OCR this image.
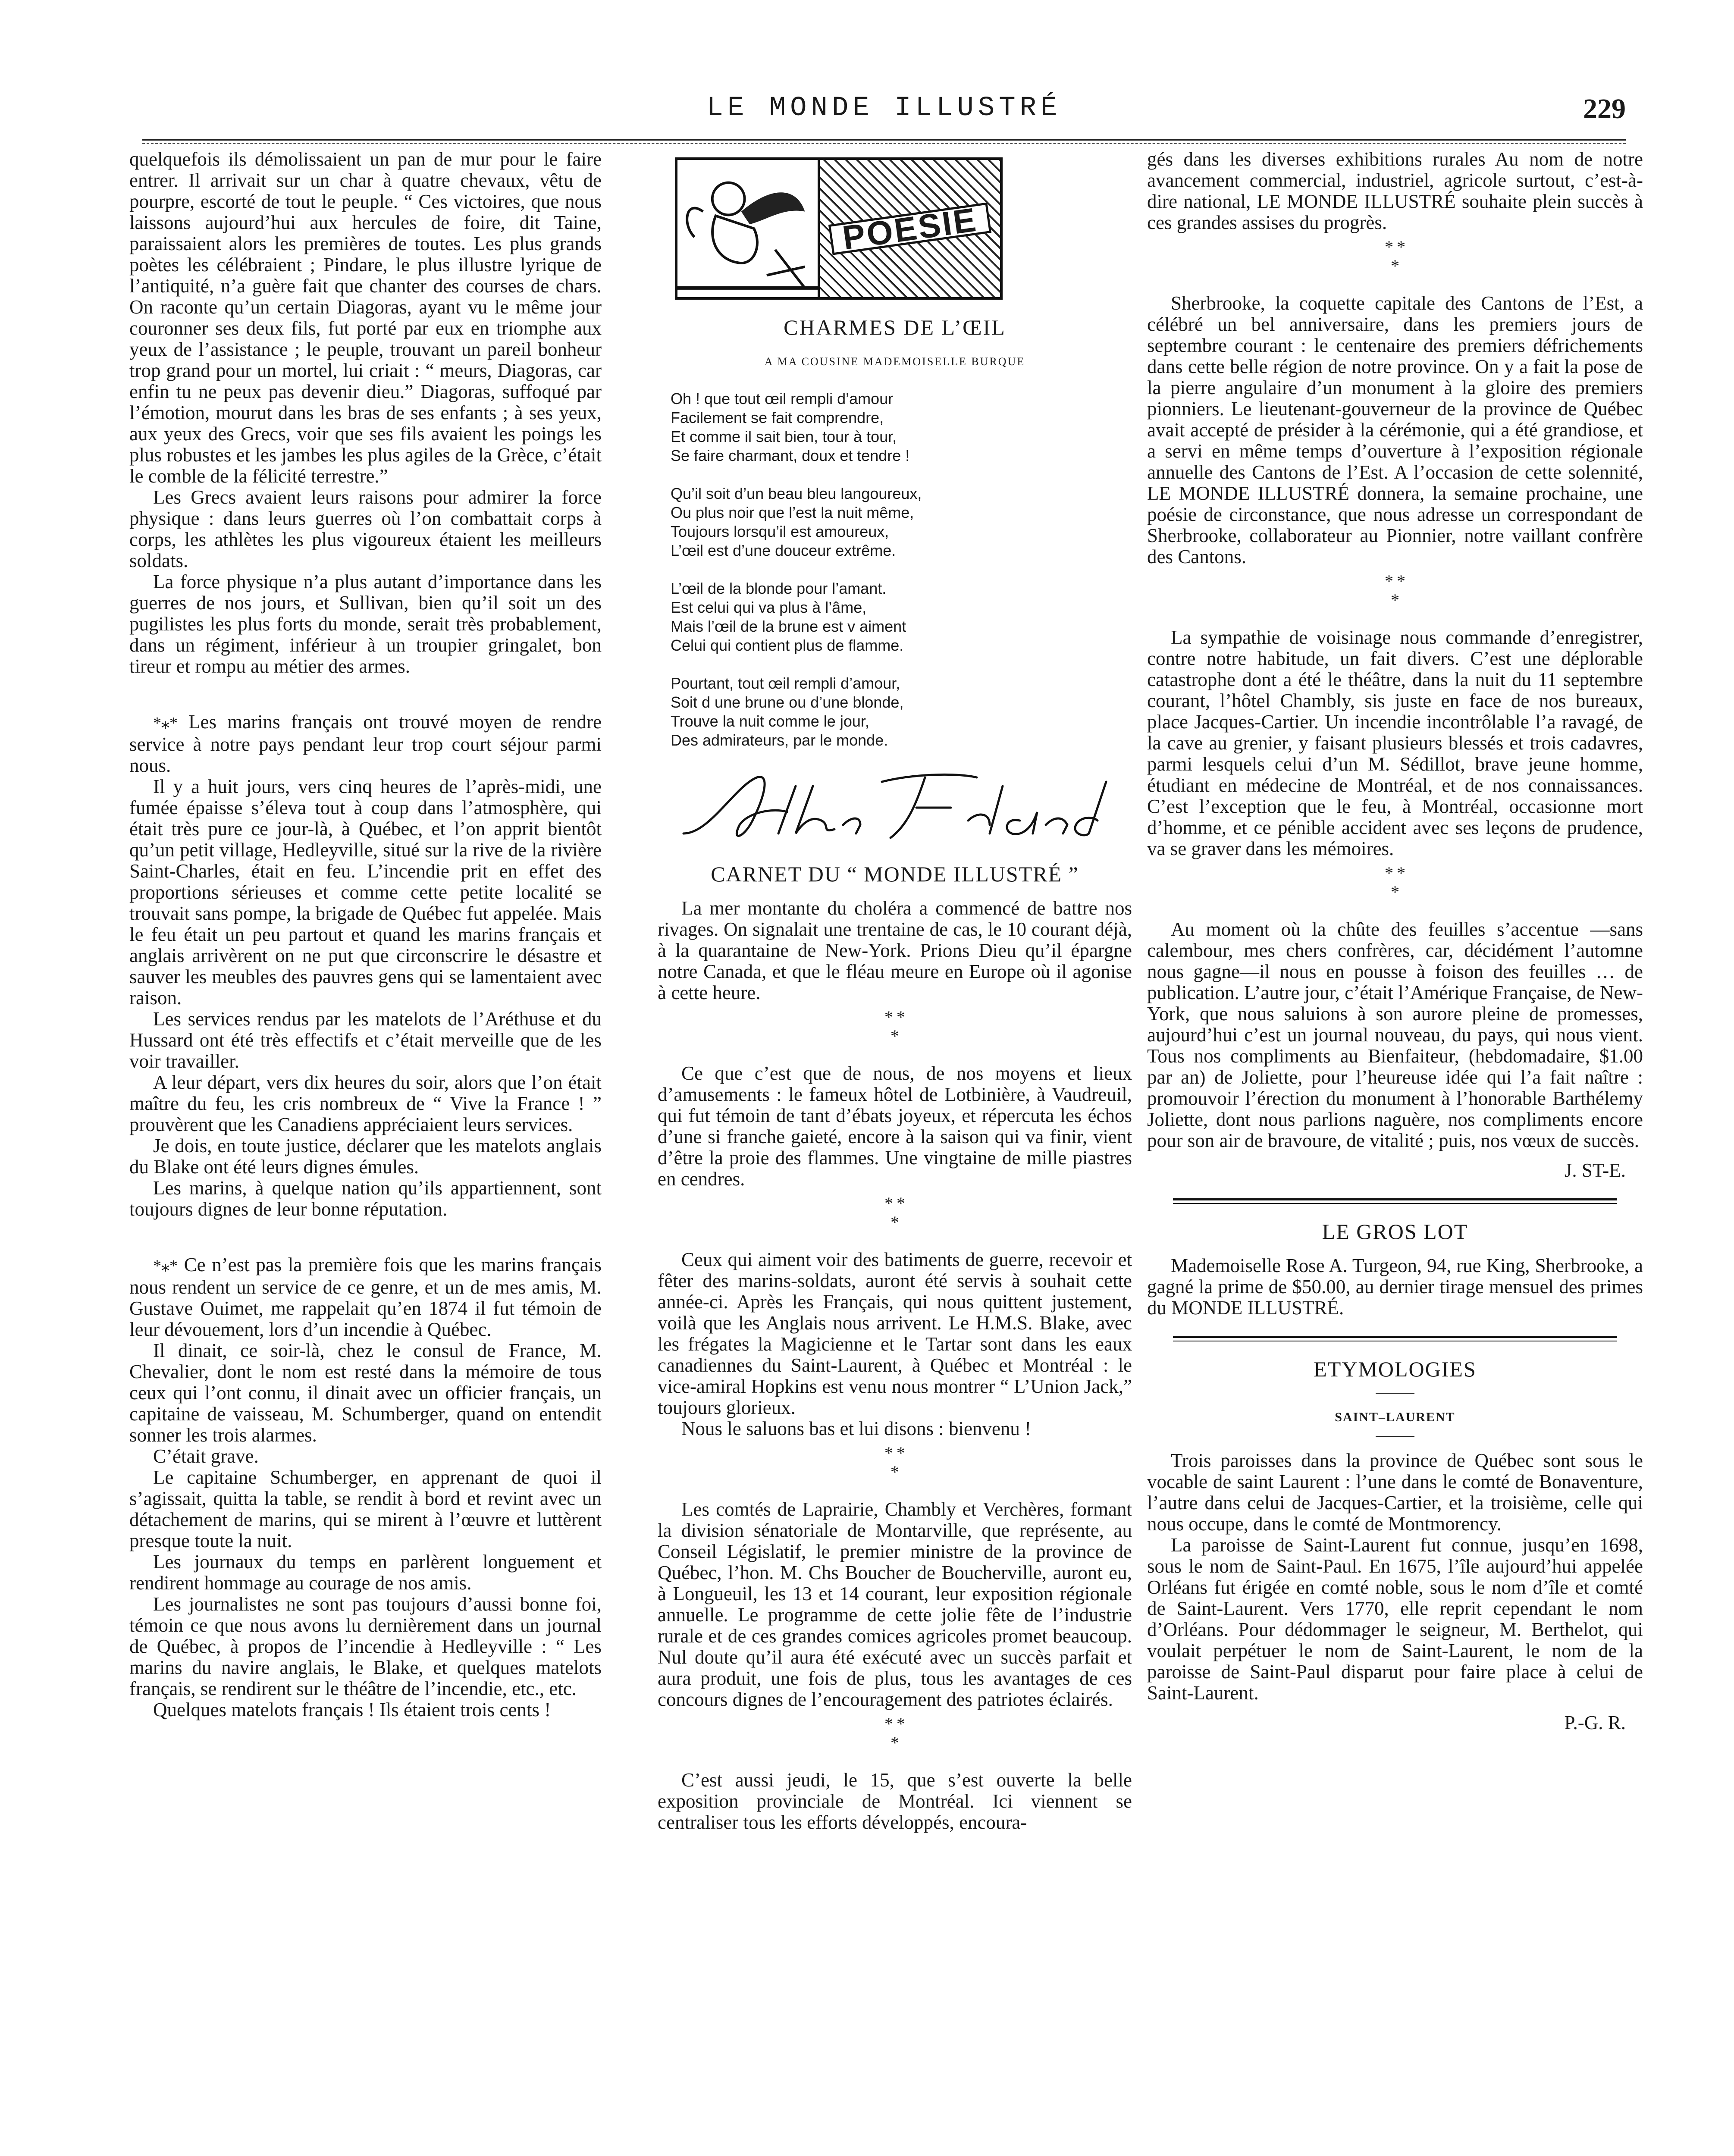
LE MONDE ILLUSTRÉ	229

quelquefois ils démolissaient un pan de mur pour le faire entrer. Il arrivait sur un char à quatre chevaux, vêtu de pourpre, escorté de tout le peuple. “ Ces victoires, que nous laissons aujourd’hui aux hercules de foire, dit Taine, paraissaient alors les premières de toutes. Les plus grands poètes les célébraient ; Pindare, le plus illustre lyrique de l’antiquité, n’a guère fait que chanter des courses de chars. On raconte qu’un certain Diagoras, ayant vu le même jour couronner ses deux fils, fut porté par eux en triomphe aux yeux de l’assistance ; le peuple, trouvant un pareil bonheur trop grand pour un mortel, lui criait : “ meurs, Diagoras, car enfin tu ne peux pas devenir dieu.” Diagoras, suffoqué par l’émotion, mourut dans les bras de ses enfants ; à ses yeux, aux yeux des Grecs, voir que ses fils avaient les poings les plus robustes et les jambes les plus agiles de la Grèce, c’était le comble de la félicité terrestre.”

Les Grecs avaient leurs raisons pour admirer la force physique : dans leurs guerres où l’on combattait corps à corps, les athlètes les plus vigoureux étaient les meilleurs soldats.

La force physique n’a plus autant d’importance dans les guerres de nos jours, et Sullivan, bien qu’il soit un des pugilistes les plus forts du monde, serait très probablement, dans un régiment, inférieur à un troupier gringalet, bon tireur et rompu au métier des armes.

*⁎* Les marins français ont trouvé moyen de rendre service à notre pays pendant leur trop court séjour parmi nous.

Il y a huit jours, vers cinq heures de l’après-midi, une fumée épaisse s’éleva tout à coup dans l’atmosphère, qui était très pure ce jour-là, à Québec, et l’on apprit bientôt qu’un petit village, Hedleyville, situé sur la rive de la rivière Saint-Charles, était en feu. L’incendie prit en effet des proportions sérieuses et comme cette petite localité se trouvait sans pompe, la brigade de Québec fut appelée. Mais le feu était un peu partout et quand les marins français et anglais arrivèrent on ne put que circonscrire le désastre et sauver les meubles des pauvres gens qui se lamentaient avec raison.

Les services rendus par les matelots de l’Aréthuse et du Hussard ont été très effectifs et c’était merveille que de les voir travailler.

A leur départ, vers dix heures du soir, alors que l’on était maître du feu, les cris nombreux de “ Vive la France ! ” prouvèrent que les Canadiens appréciaient leurs services.

Je dois, en toute justice, déclarer que les matelots anglais du Blake ont été leurs dignes émules.

Les marins, à quelque nation qu’ils appartiennent, sont toujours dignes de leur bonne réputation.

*⁎* Ce n’est pas la première fois que les marins français nous rendent un service de ce genre, et un de mes amis, M. Gustave Ouimet, me rappelait qu’en 1874 il fut témoin de leur dévouement, lors d’un incendie à Québec.

Il dinait, ce soir-là, chez le consul de France, M. Chevalier, dont le nom est resté dans la mémoire de tous ceux qui l’ont connu, il dinait avec un officier français, un capitaine de vaisseau, M. Schumberger, quand on entendit sonner les trois alarmes.

C’était grave.

Le capitaine Schumberger, en apprenant de quoi il s’agissait, quitta la table, se rendit à bord et revint avec un détachement de marins, qui se mirent à l’œuvre et luttèrent presque toute la nuit.

Les journaux du temps en parlèrent longuement et rendirent hommage au courage de nos amis.

Les journalistes ne sont pas toujours d’aussi bonne foi, témoin ce que nous avons lu dernièrement dans un journal de Québec, à propos de l’incendie à Hedleyville : “ Les marins du navire anglais, le Blake, et quelques matelots français, se rendirent sur le théâtre de l’incendie, etc., etc.

Quelques matelots français ! Ils étaient trois cents !

POESIE
CHARMES DE L’ŒIL
A MA COUSINE MADEMOISELLE BURQUE
Oh ! que tout œil rempli d’amour
Facilement se fait comprendre,
Et comme il sait bien, tour à tour,
Se faire charmant, doux et tendre !
Qu’il soit d’un beau bleu langoureux,
Ou plus noir que l’est la nuit même,
Toujours lorsqu’il est amoureux,
L’œil est d’une douceur extrême.
L’œil de la blonde pour l’amant.
Est celui qui va plus à l’âme,
Mais l’œil de la brune est v aiment
Celui qui contient plus de flamme.
Pourtant, tout œil rempli d’amour,
Soit d une brune ou d’une blonde,
Trouve la nuit comme le jour,
Des admirateurs, par le monde.
CARNET DU “ MONDE ILLUSTRÉ ”

La mer montante du choléra a commencé de battre nos rivages. On signalait une trentaine de cas, le 10 courant déjà, à la quarantaine de New-York. Prions Dieu qu’il épargne notre Canada, et que le fléau meure en Europe où il agonise à cette heure.

* *
*

Ce que c’est que de nous, de nos moyens et lieux d’amusements : le fameux hôtel de Lotbinière, à Vaudreuil, qui fut témoin de tant d’ébats joyeux, et répercuta les échos d’une si franche gaieté, encore à la saison qui va finir, vient d’être la proie des flammes. Une vingtaine de mille piastres en cendres.

* *
*

Ceux qui aiment voir des batiments de guerre, recevoir et fêter des marins-soldats, auront été servis à souhait cette année-ci. Après les Français, qui nous quittent justement, voilà que les Anglais nous arrivent. Le H.M.S. Blake, avec les frégates la Magicienne et le Tartar sont dans les eaux canadiennes du Saint-Laurent, à Québec et Montréal : le vice-amiral Hopkins est venu nous montrer “ L’Union Jack,” toujours glorieux.

Nous le saluons bas et lui disons : bienvenu !

* *
*

Les comtés de Laprairie, Chambly et Verchères, formant la division sénatoriale de Montarville, que représente, au Conseil Législatif, le premier ministre de la province de Québec, l’hon. M. Chs Boucher de Boucherville, auront eu, à Longueuil, les 13 et 14 courant, leur exposition régionale annuelle. Le programme de cette jolie fête de l’industrie rurale et de ces grandes comices agricoles promet beaucoup. Nul doute qu’il aura été exécuté avec un succès parfait et aura produit, une fois de plus, tous les avantages de ces concours dignes de l’encouragement des patriotes éclairés.

* *
*

C’est aussi jeudi, le 15, que s’est ouverte la belle exposition provinciale de Montréal. Ici viennent se centraliser tous les efforts développés, encoura-

gés dans les diverses exhibitions rurales Au nom de notre avancement commercial, industriel, agricole surtout, c’est-à-dire national, LE MONDE ILLUSTRÉ souhaite plein succès à ces grandes assises du progrès.

* *
*

Sherbrooke, la coquette capitale des Cantons de l’Est, a célébré un bel anniversaire, dans les premiers jours de septembre courant : le centenaire des premiers défrichements dans cette belle région de notre province. On y a fait la pose de la pierre angulaire d’un monument à la gloire des premiers pionniers. Le lieutenant-gouverneur de la province de Québec avait accepté de présider à la cérémonie, qui a été grandiose, et a servi en même temps d’ouverture à l’exposition régionale annuelle des Cantons de l’Est. A l’occasion de cette solennité, LE MONDE ILLUSTRÉ donnera, la semaine prochaine, une poésie de circonstance, que nous adresse un correspondant de Sherbrooke, collaborateur au Pionnier, notre vaillant confrère des Cantons.

* *
*

La sympathie de voisinage nous commande d’enregistrer, contre notre habitude, un fait divers. C’est une déplorable catastrophe dont a été le théâtre, dans la nuit du 11 septembre courant, l’hôtel Chambly, sis juste en face de nos bureaux, place Jacques-Cartier. Un incendie incontrôlable l’a ravagé, de la cave au grenier, y faisant plusieurs blessés et trois cadavres, parmi lesquels celui d’un M. Sédillot, brave jeune homme, étudiant en médecine de Montréal, et de nos connaissances. C’est l’exception que le feu, à Montréal, occasionne mort d’homme, et ce pénible accident avec ses leçons de prudence, va se graver dans les mémoires.

* *
*

Au moment où la chûte des feuilles s’accentue —sans calembour, mes chers confrères, car, décidément l’automne nous gagne—il nous en pousse à foison des feuilles … de publication. L’autre jour, c’était l’Amérique Française, de New-York, que nous saluions à son aurore pleine de promesses, aujourd’hui c’est un journal nouveau, du pays, qui nous vient. Tous nos compliments au Bienfaiteur, (hebdomadaire, $1.00 par an) de Joliette, pour l’heureuse idée qui l’a fait naître : promouvoir l’érection du monument à l’honorable Barthélemy Joliette, dont nous parlions naguère, nos compliments encore pour son air de bravoure, de vitalité ; puis, nos vœux de succès.

J. ST-E.
LE GROS LOT

Mademoiselle Rose A. Turgeon, 94, rue King, Sherbrooke, a gagné la prime de $50.00, au dernier tirage mensuel des primes du MONDE ILLUSTRÉ.

ETYMOLOGIES
SAINT–LAURENT

Trois paroisses dans la province de Québec sont sous le vocable de saint Laurent : l’une dans le comté de Bonaventure, l’autre dans celui de Jacques-Cartier, et la troisième, celle qui nous occupe, dans le comté de Montmorency.

La paroisse de Saint-Laurent fut connue, jusqu’en 1698, sous le nom de Saint-Paul. En 1675, l’île aujourd’hui appelée Orléans fut érigée en comté noble, sous le nom d’île et comté de Saint-Laurent. Vers 1770, elle reprit cependant le nom d’Orléans. Pour dédommager le seigneur, M. Berthelot, qui voulait perpétuer le nom de Saint-Laurent, le nom de la paroisse de Saint-Paul disparut pour faire place à celui de Saint-Laurent.

P.-G. R.
